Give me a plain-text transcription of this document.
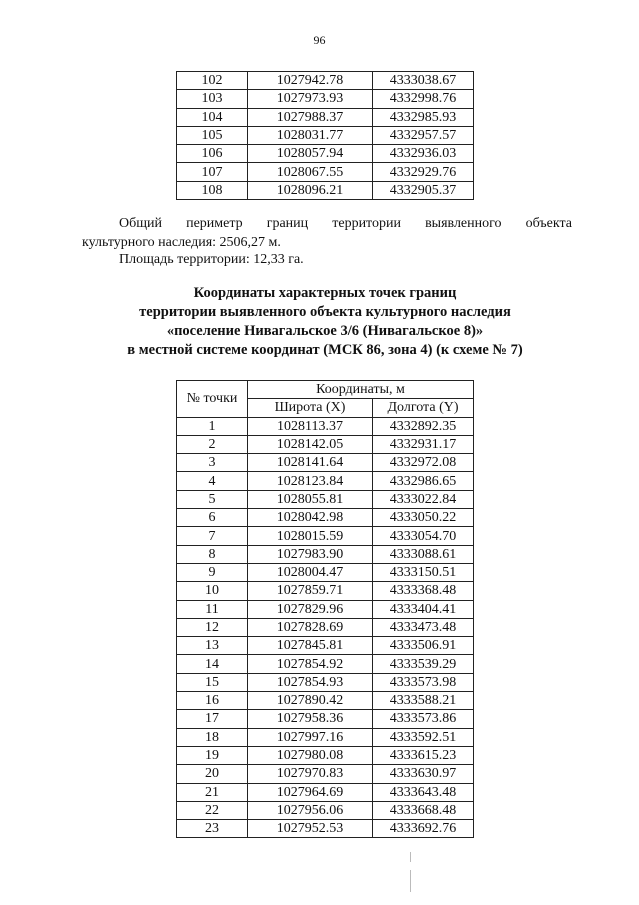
96
102	1027942.78	4333038.67
103	1027973.93	4332998.76
104	1027988.37	4332985.93
105	1028031.77	4332957.57
106	1028057.94	4332936.03
107	1028067.55	4332929.76
108	1028096.21	4332905.37
Общий периметр границ территории выявленного объекта
культурного наследия: 2506,27 м.
Площадь территории: 12,33 га.
Координаты характерных точек границ
территории выявленного объекта культурного наследия
«поселение Нивагальское 3/6 (Нивагальское 8)»
в местной системе координат (МСК 86, зона 4) (к схеме № 7)
№ точки	Координаты, м	
	Широта (X)	Долгота (Y)
1	1028113.37	4332892.35
2	1028142.05	4332931.17
3	1028141.64	4332972.08
4	1028123.84	4332986.65
5	1028055.81	4333022.84
6	1028042.98	4333050.22
7	1028015.59	4333054.70
8	1027983.90	4333088.61
9	1028004.47	4333150.51
10	1027859.71	4333368.48
11	1027829.96	4333404.41
12	1027828.69	4333473.48
13	1027845.81	4333506.91
14	1027854.92	4333539.29
15	1027854.93	4333573.98
16	1027890.42	4333588.21
17	1027958.36	4333573.86
18	1027997.16	4333592.51
19	1027980.08	4333615.23
20	1027970.83	4333630.97
21	1027964.69	4333643.48
22	1027956.06	4333668.48
23	1027952.53	4333692.76
